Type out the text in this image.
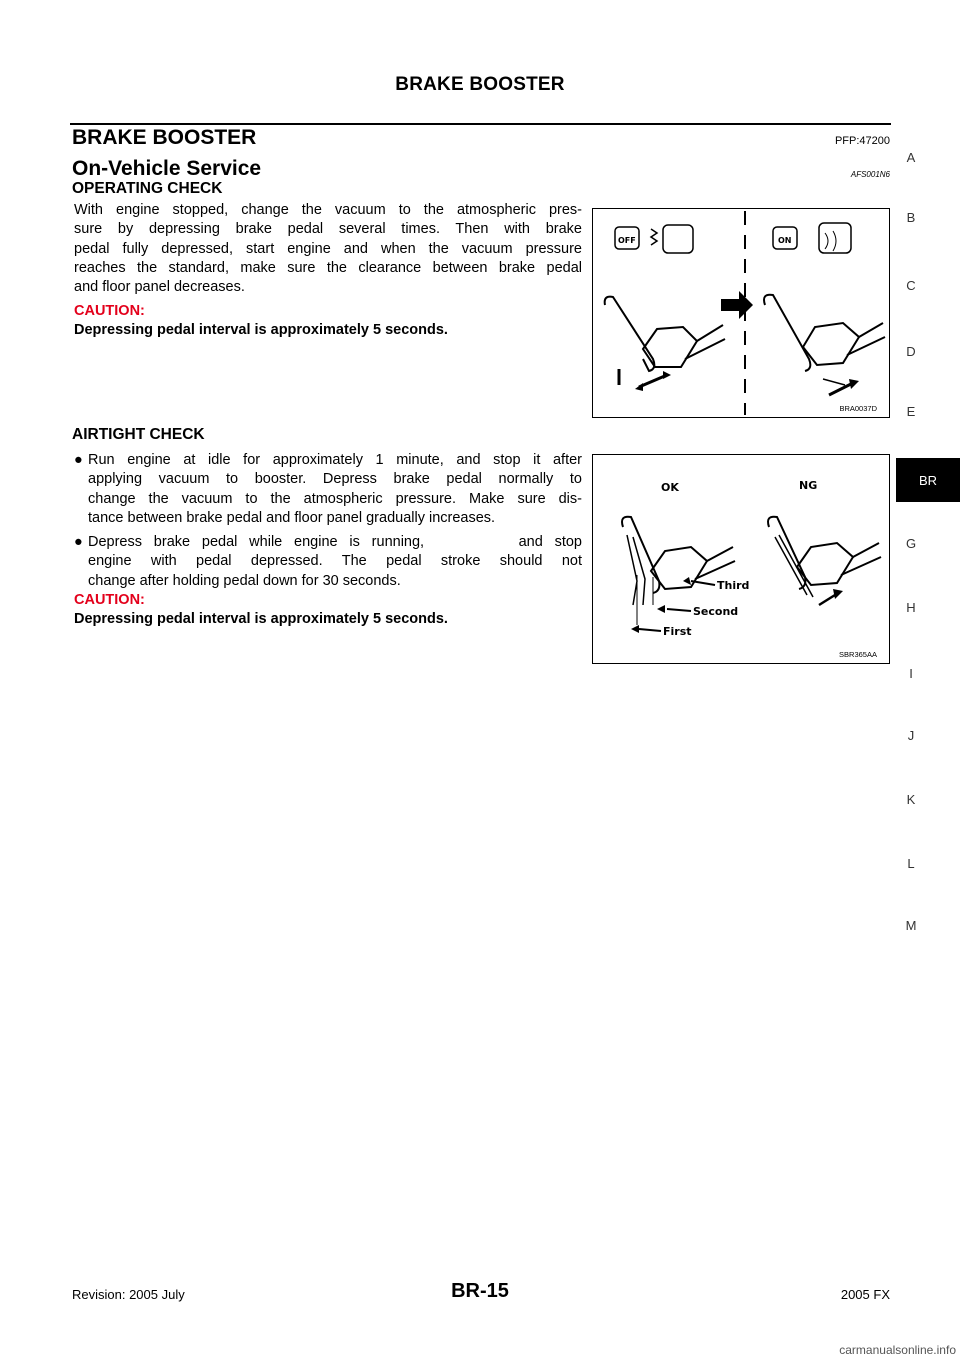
BRAKE BOOSTER
BRAKE BOOSTER	PFP:47200
On-Vehicle Service	AFS001N6
OPERATING CHECK
With engine stopped, change the vacuum to the atmospheric pres-
sure by depressing brake pedal several times. Then with brake
pedal fully depressed, start engine and when the vacuum pressure
reaches the standard, make sure the clearance between brake pedal
and floor panel decreases.
CAUTION:
Depressing pedal interval is approximately 5 seconds.
OFF	ON
BRA0037D
AIRTIGHT CHECK
● Run engine at idle for approximately 1 minute, and stop it after
applying vacuum to booster. Depress brake pedal normally to
change the vacuum to the atmospheric pressure. Make sure dis-
tance between brake pedal and floor panel gradually increases.
● Depress brake pedal while engine is running,        and stop
engine with pedal depressed. The pedal stroke should not
change after holding pedal down for 30 seconds.
CAUTION:
Depressing pedal interval is approximately 5 seconds.
Third
Second
First
OK	NG
SBR365AA
A
B
C
D
E
BR
G
H
I
J
K
L
M
Revision: 2005 July	BR-15	2005 FX
carmanualsonline.info
